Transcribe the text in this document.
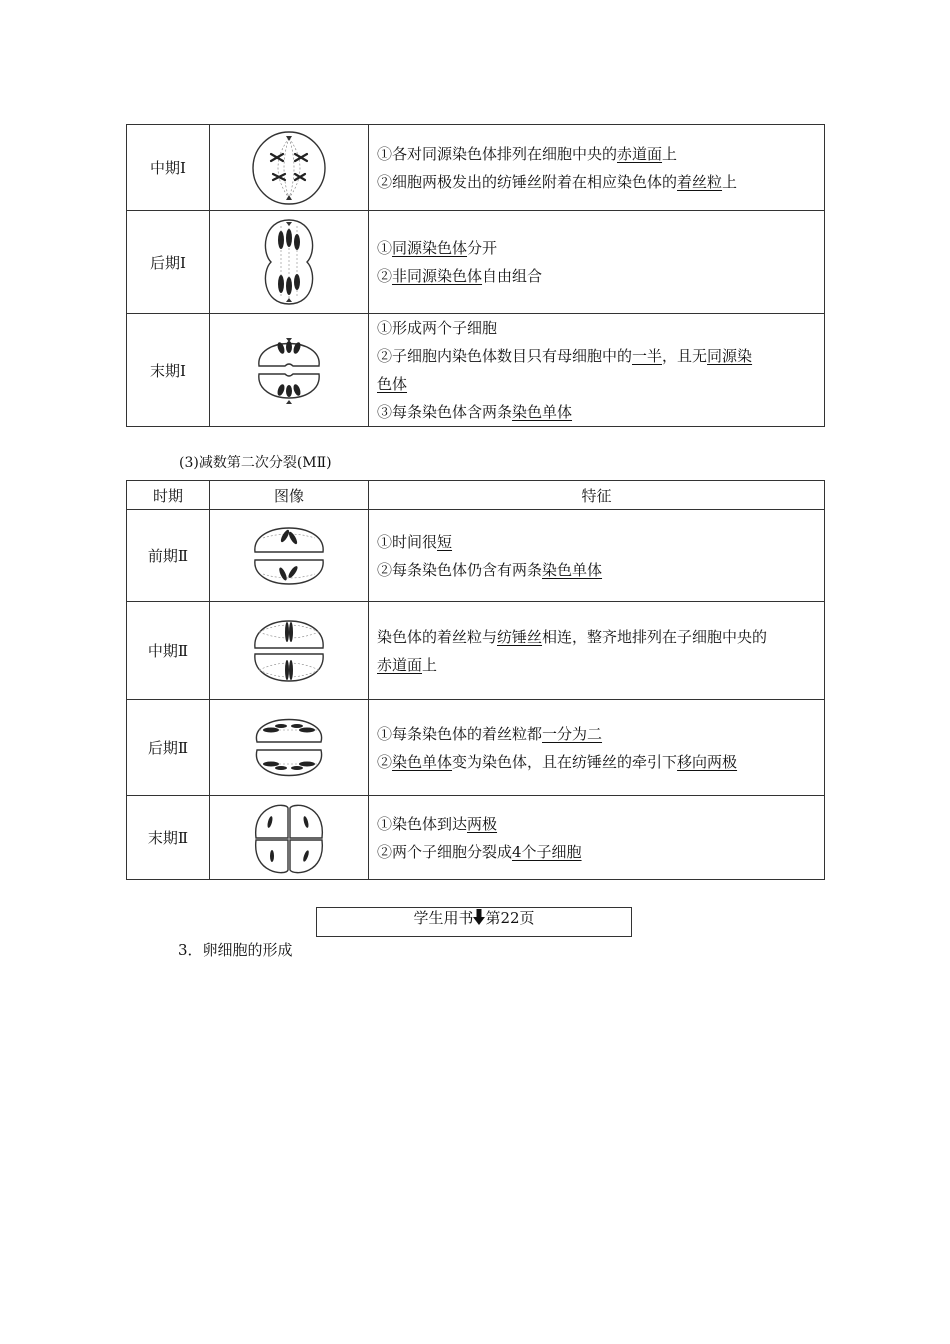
中期Ⅰ		①各对同源染色体排列在细胞中央的赤道面上
②细胞两极发出的纺锤丝附着在相应染色体的着丝粒上

后期Ⅰ		①同源染色体分开
②非同源染色体自由组合

末期Ⅰ		①形成两个子细胞
②子细胞内染色体数目只有母细胞中的一半，且无同源染
色体
③每条染色体含两条染色单体
(3)减数第二次分裂(MⅡ)
时期	图像	特征
前期Ⅱ		①时间很短
②每条染色体仍含有两条染色单体

中期Ⅱ		染色体的着丝粒与纺锤丝相连，整齐地排列在子细胞中央的
赤道面上

后期Ⅱ		①每条染色体的着丝粒都一分为二
②染色单体变为染色体，且在纺锤丝的牵引下移向两极

末期Ⅱ		①染色体到达两极
②两个子细胞分裂成4个子细胞
学生用书 第22页
3．卵细胞的形成
